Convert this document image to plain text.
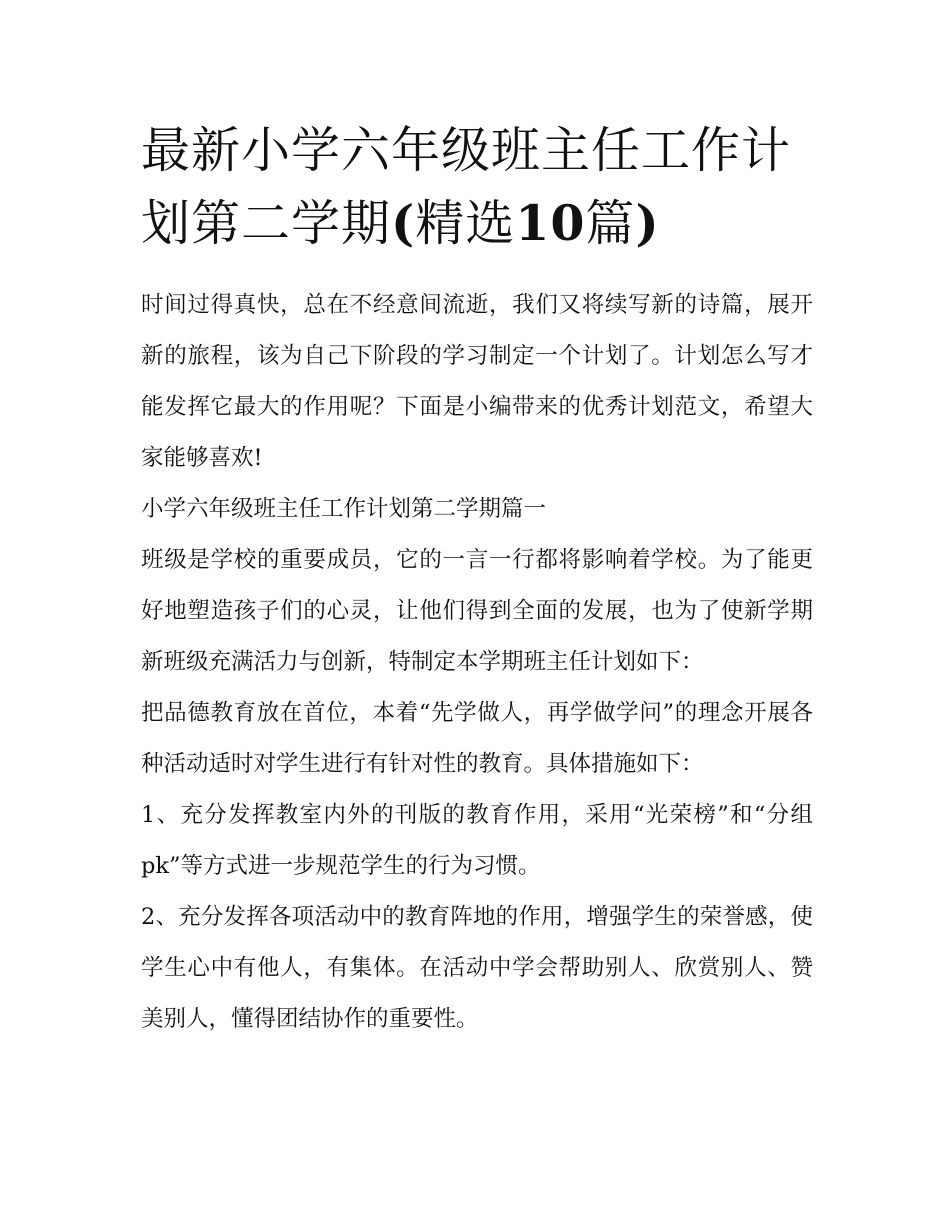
最新小学六年级班主任工作计划第二学期(精选10篇)

时间过得真快，总在不经意间流逝，我们又将续写新的诗篇，展开新的旅程，该为自己下阶段的学习制定一个计划了。计划怎么写才能发挥它最大的作用呢？下面是小编带来的优秀计划范文，希望大家能够喜欢!

小学六年级班主任工作计划第二学期篇一

班级是学校的重要成员，它的一言一行都将影响着学校。为了能更好地塑造孩子们的心灵，让他们得到全面的发展，也为了使新学期新班级充满活力与创新，特制定本学期班主任计划如下：

把品德教育放在首位，本着“先学做人，再学做学问”的理念开展各种活动适时对学生进行有针对性的教育。具体措施如下：

1、充分发挥教室内外的刊版的教育作用，采用“光荣榜”和“分组pk”等方式进一步规范学生的行为习惯。

2、充分发挥各项活动中的教育阵地的作用，增强学生的荣誉感，使学生心中有他人，有集体。在活动中学会帮助别人、欣赏别人、赞美别人，懂得团结协作的重要性。
